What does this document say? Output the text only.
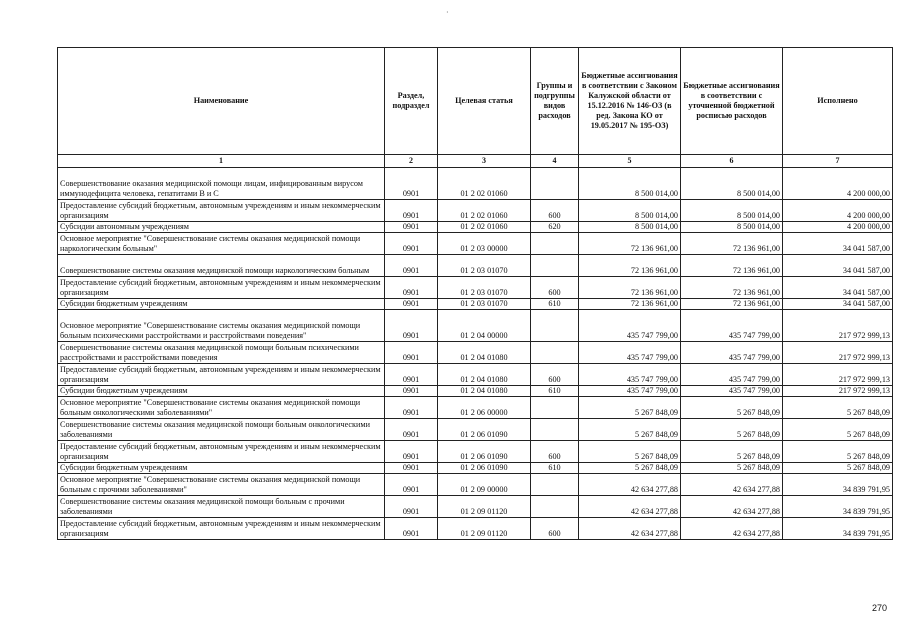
·
Наименование	Раздел, подраздел	Целевая статья	Группы и подгруппы видов расходов	Бюджетные ассигнования в соответствии с Законом Калужской области от 15.12.2016 № 146-ОЗ (в ред. Закона КО от 19.05.2017 № 195-ОЗ)	Бюджетные ассигнования в соответствии с уточненной бюджетной росписью расходов	Исполнено
1	2	3	4	5	6	7
Совершенствование оказания медицинской помощи лицам, инфицированным вирусом иммунодефицита человека, гепатитами В и С	0901	01 2 02 01060		8 500 014,00	8 500 014,00	4 200 000,00
Предоставление субсидий бюджетным, автономным учреждениям и иным некоммерческим организациям	0901	01 2 02 01060	600	8 500 014,00	8 500 014,00	4 200 000,00
Субсидии автономным учреждениям	0901	01 2 02 01060	620	8 500 014,00	8 500 014,00	4 200 000,00
Основное мероприятие "Совершенствование системы оказания медицинской помощи наркологическим больным"	0901	01 2 03 00000		72 136 961,00	72 136 961,00	34 041 587,00
Совершенствование системы оказания медицинской помощи наркологическим больным	0901	01 2 03 01070		72 136 961,00	72 136 961,00	34 041 587,00
Предоставление субсидий бюджетным, автономным учреждениям и иным некоммерческим организациям	0901	01 2 03 01070	600	72 136 961,00	72 136 961,00	34 041 587,00
Субсидии бюджетным учреждениям	0901	01 2 03 01070	610	72 136 961,00	72 136 961,00	34 041 587,00
Основное мероприятие "Совершенствование системы оказания медицинской помощи больным психическими расстройствами и расстройствами поведения"	0901	01 2 04 00000		435 747 799,00	435 747 799,00	217 972 999,13
Совершенствование системы оказания медицинской помощи больным психическими расстройствами и расстройствами поведения	0901	01 2 04 01080		435 747 799,00	435 747 799,00	217 972 999,13
Предоставление субсидий бюджетным, автономным учреждениям и иным некоммерческим организациям	0901	01 2 04 01080	600	435 747 799,00	435 747 799,00	217 972 999,13
Субсидии бюджетным учреждениям	0901	01 2 04 01080	610	435 747 799,00	435 747 799,00	217 972 999,13
Основное мероприятие "Совершенствование системы оказания медицинской помощи больным онкологическими заболеваниями"	0901	01 2 06 00000		5 267 848,09	5 267 848,09	5 267 848,09
Совершенствование системы оказания медицинской помощи больным онкологическими заболеваниями	0901	01 2 06 01090		5 267 848,09	5 267 848,09	5 267 848,09
Предоставление субсидий бюджетным, автономным учреждениям и иным некоммерческим организациям	0901	01 2 06 01090	600	5 267 848,09	5 267 848,09	5 267 848,09
Субсидии бюджетным учреждениям	0901	01 2 06 01090	610	5 267 848,09	5 267 848,09	5 267 848,09
Основное мероприятие "Совершенствование системы оказания медицинской помощи больным с прочими заболеваниями"	0901	01 2 09 00000		42 634 277,88	42 634 277,88	34 839 791,95
Совершенствование системы оказания медицинской помощи больным с прочими заболеваниями	0901	01 2 09 01120		42 634 277,88	42 634 277,88	34 839 791,95
Предоставление субсидий бюджетным, автономным учреждениям и иным некоммерческим организациям	0901	01 2 09 01120	600	42 634 277,88	42 634 277,88	34 839 791,95
270
